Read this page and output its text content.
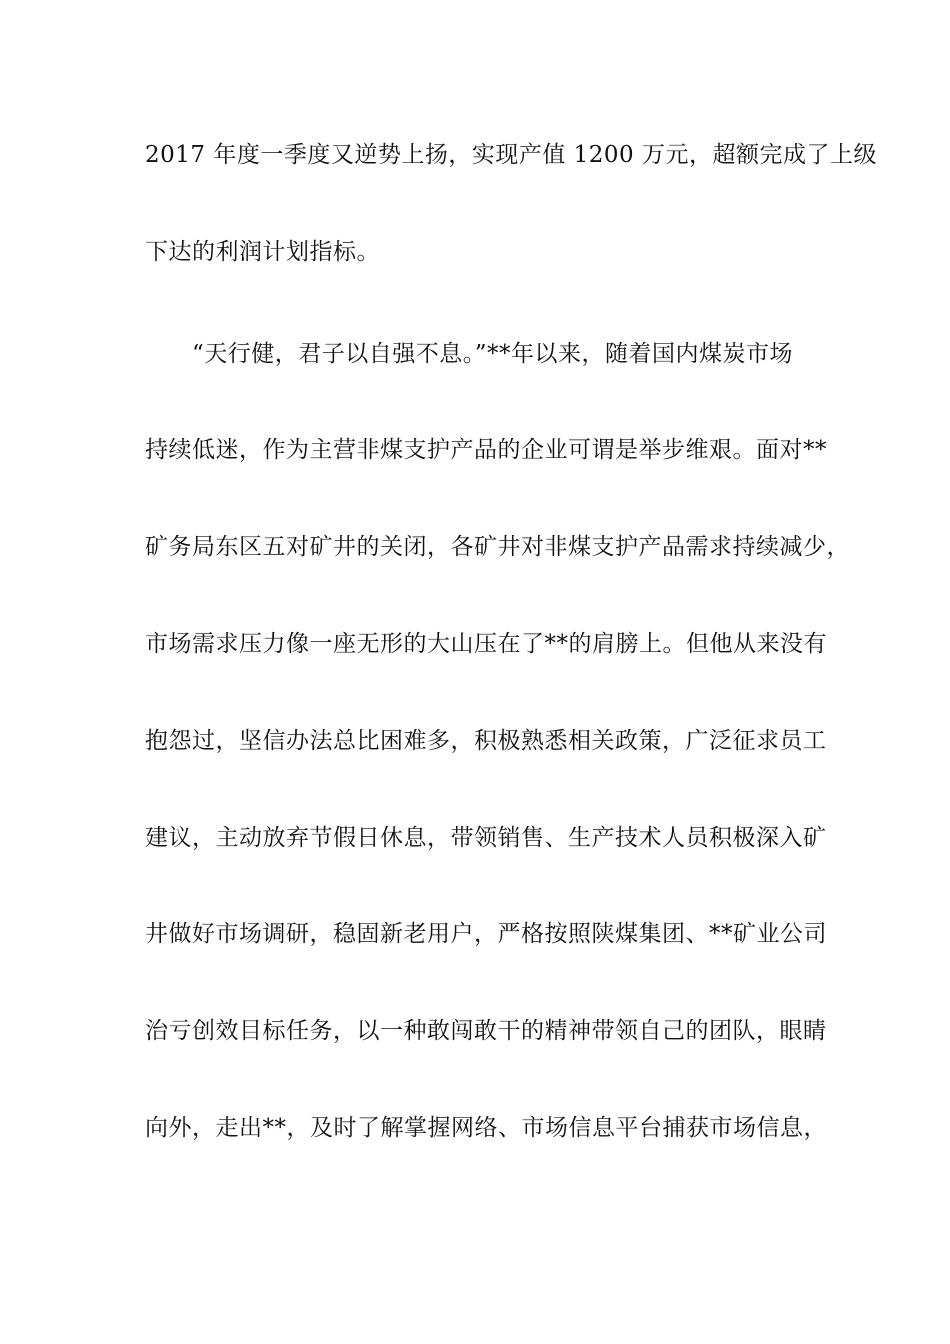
2017 年度一季度又逆势上扬，实现产值 1200 万元，超额完成了上级
下达的利润计划指标。
“天行健，君子以自强不息。”**年以来，随着国内煤炭市场
持续低迷，作为主营非煤支护产品的企业可谓是举步维艰。面对**
矿务局东区五对矿井的关闭，各矿井对非煤支护产品需求持续减少，
市场需求压力像一座无形的大山压在了**的肩膀上。但他从来没有
抱怨过，坚信办法总比困难多，积极熟悉相关政策，广泛征求员工
建议，主动放弃节假日休息，带领销售、生产技术人员积极深入矿
井做好市场调研，稳固新老用户，严格按照陕煤集团、**矿业公司
治亏创效目标任务，以一种敢闯敢干的精神带领自己的团队，眼睛
向外，走出**，及时了解掌握网络、市场信息平台捕获市场信息，
